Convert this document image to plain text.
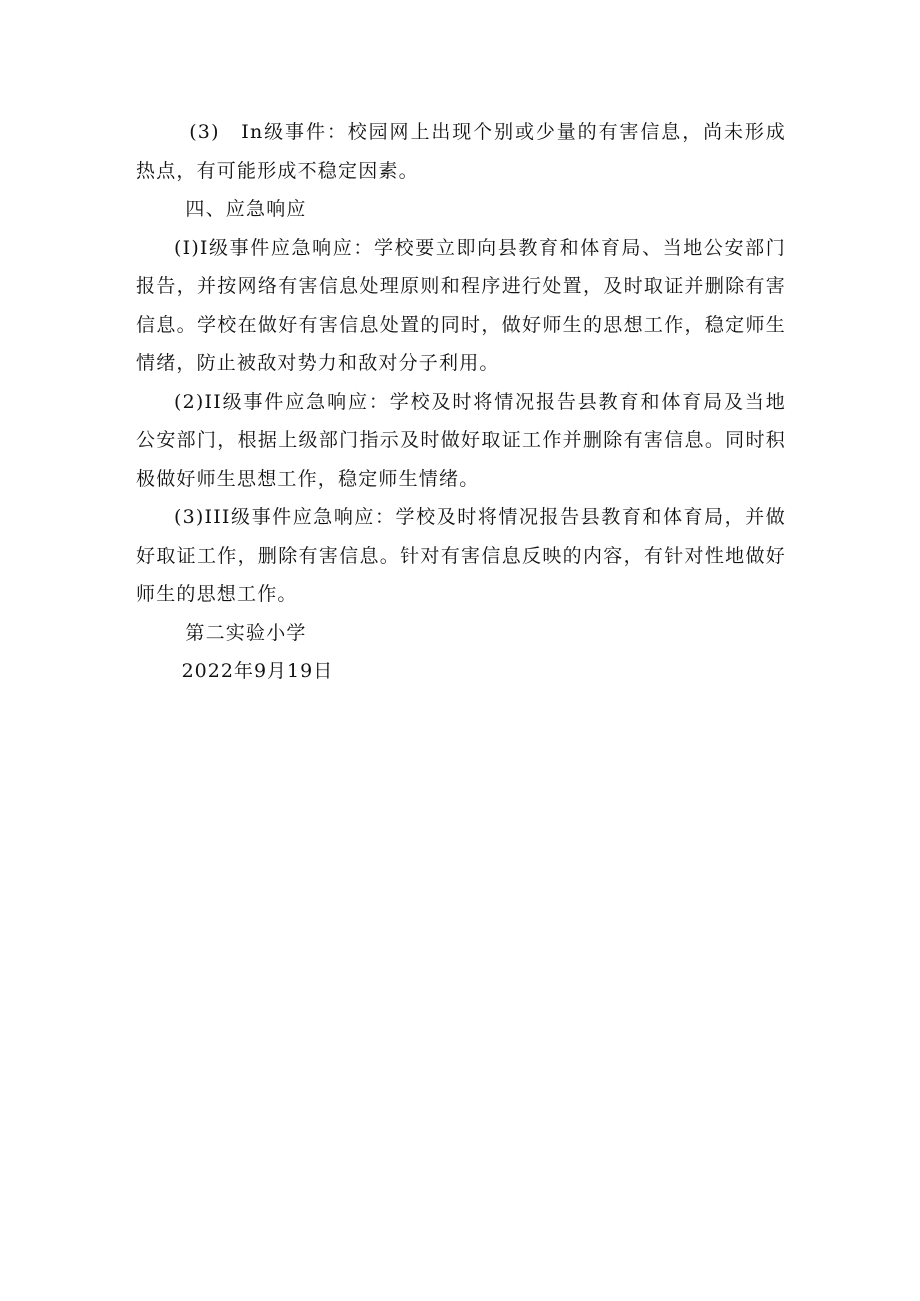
(3)　In级事件：校园网上出现个别或少量的有害信息，尚未形成热点，有可能形成不稳定因素。

四、应急响应

(I)I级事件应急响应：学校要立即向县教育和体育局、当地公安部门报告，并按网络有害信息处理原则和程序进行处置，及时取证并删除有害信息。学校在做好有害信息处置的同时，做好师生的思想工作，稳定师生情绪，防止被敌对势力和敌对分子利用。

(2)II级事件应急响应：学校及时将情况报告县教育和体育局及当地公安部门，根据上级部门指示及时做好取证工作并删除有害信息。同时积极做好师生思想工作，稳定师生情绪。

(3)III级事件应急响应：学校及时将情况报告县教育和体育局，并做好取证工作，删除有害信息。针对有害信息反映的内容，有针对性地做好师生的思想工作。

第二实验小学

2022年9月19日
